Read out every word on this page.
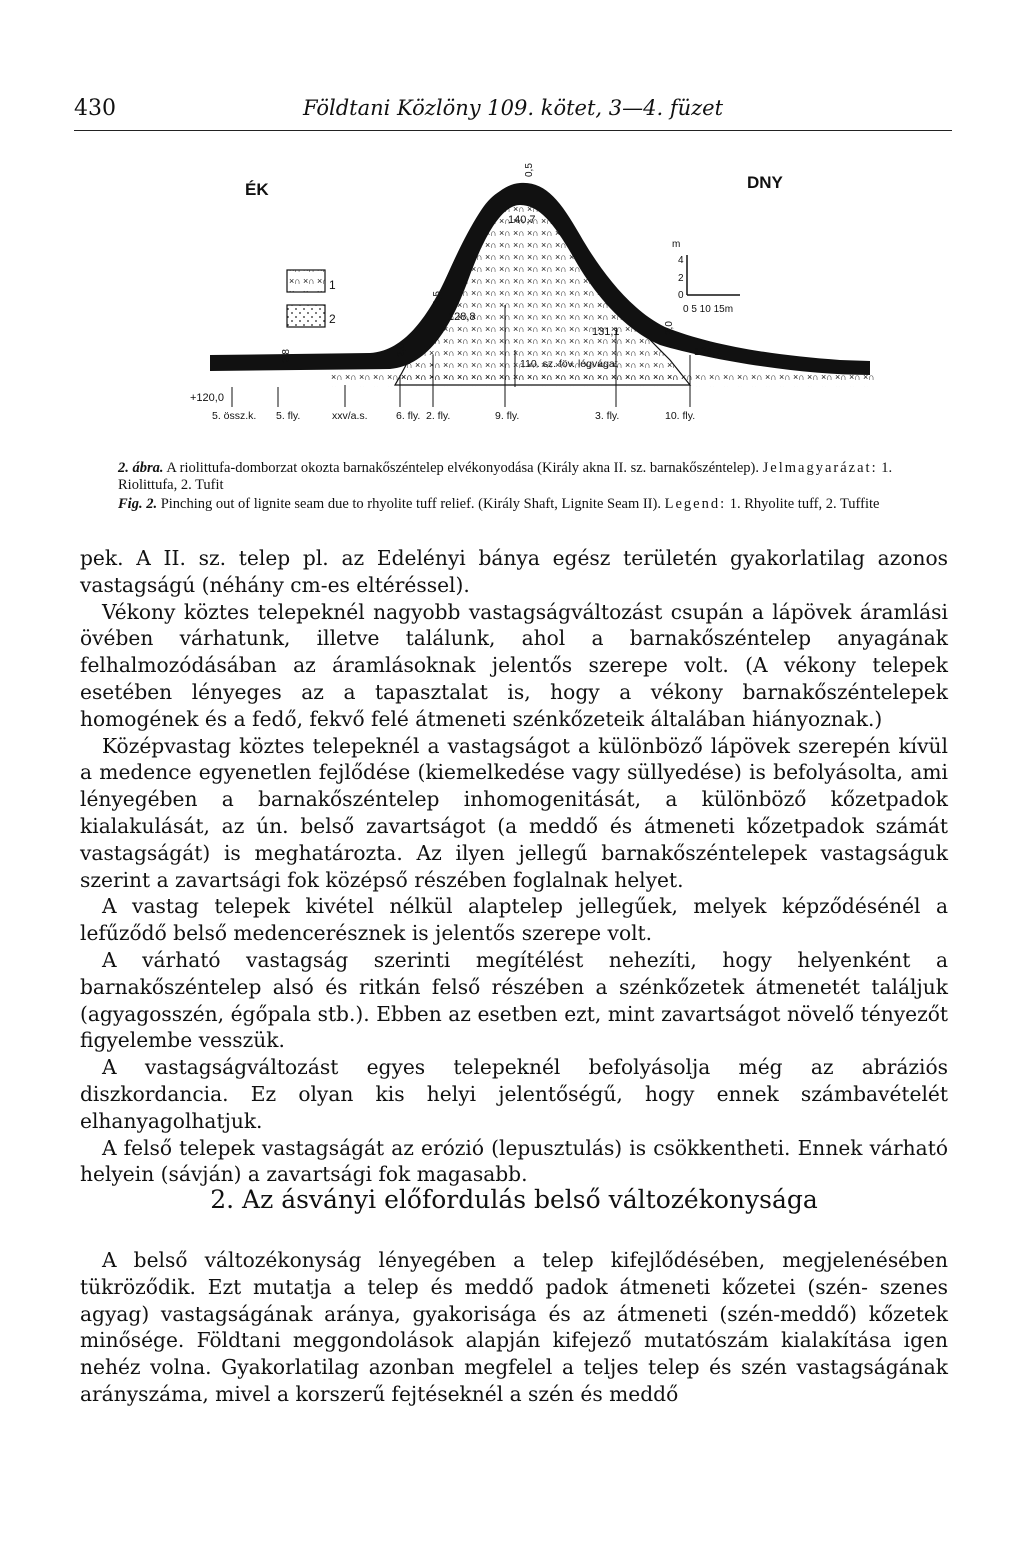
430	Földtani Közlöny 109. kötet, 3—4. füzet
ÉK	DNY
1
2
0,5
140,7
128,8
131,1
124,7
+120,0
2,8	2,0
2,0
1,5
110. sz. föv. légvágat
m
4
2
0
0 5 10 15m
5. össz.k. 5. fly.	xxv/a.s.	6. fly. 2. fly.	9. fly.	3. fly.	10. fly.
2. ábra. A riolittufa-domborzat okozta barnakőszéntelep elvékonyodása (Király akna II. sz. barnakőszéntelep). Jelmagyarázat: 1. Riolittufa, 2. Tufit
Fig. 2. Pinching out of lignite seam due to rhyolite tuff relief. (Király Shaft, Lignite Seam II). Legend: 1. Rhyolite tuff, 2. Tuffite

pek. A II. sz. telep pl. az Edelényi bánya egész területén gyakorlatilag azonos vastagságú (néhány cm-es eltéréssel).

Vékony köztes telepeknél nagyobb vastagságváltozást csupán a lápövek áramlási övében várhatunk, illetve találunk, ahol a barnakőszéntelep anyagának felhalmozódásában az áramlásoknak jelentős szerepe volt. (A vékony telepek esetében lényeges az a tapasztalat is, hogy a vékony barnakőszéntelepek homogének és a fedő, fekvő felé átmeneti szénkőzeteik általában hiányoznak.)

Középvastag köztes telepeknél a vastagságot a különböző lápövek szerepén kívül a medence egyenetlen fejlődése (kiemelkedése vagy süllyedése) is befolyásolta, ami lényegében a barnakőszéntelep inhomogenitását, a különböző kőzetpadok kialakulását, az ún. belső zavartságot (a meddő és átmeneti kőzetpadok számát vastagságát) is meghatározta. Az ilyen jellegű barnakőszéntelepek vastagságuk szerint a zavartsági fok középső részében foglalnak helyet.

A vastag telepek kivétel nélkül alaptelep jellegűek, melyek képződésénél a lefűződő belső medencerésznek is jelentős szerepe volt.

A várható vastagság szerinti megítélést nehezíti, hogy helyenként a barnakőszéntelep alsó és ritkán felső részében a szénkőzetek átmenetét találjuk (agyagosszén, égőpala stb.). Ebben az esetben ezt, mint zavartságot növelő tényezőt figyelembe vesszük.

A vastagságváltozást egyes telepeknél befolyásolja még az abráziós diszkordancia. Ez olyan kis helyi jelentőségű, hogy ennek számbavételét elhanyagolhatjuk.

A felső telepek vastagságát az erózió (lepusztulás) is csökkentheti. Ennek várható helyein (sávján) a zavartsági fok magasabb.

2. Az ásványi előfordulás belső változékonysága

A belső változékonyság lényegében a telep kifejlődésében, megjelenésében tükröződik. Ezt mutatja a telep és meddő padok átmeneti kőzetei (szén- szenes agyag) vastagságának aránya, gyakorisága és az átmeneti (szén-meddő) kőzetek minősége. Földtani meggondolások alapján kifejező mutatószám kialakítása igen nehéz volna. Gyakorlatilag azonban megfelel a teljes telep és szén vastagságának arányszáma, mivel a korszerű fejtéseknél a szén és meddő
